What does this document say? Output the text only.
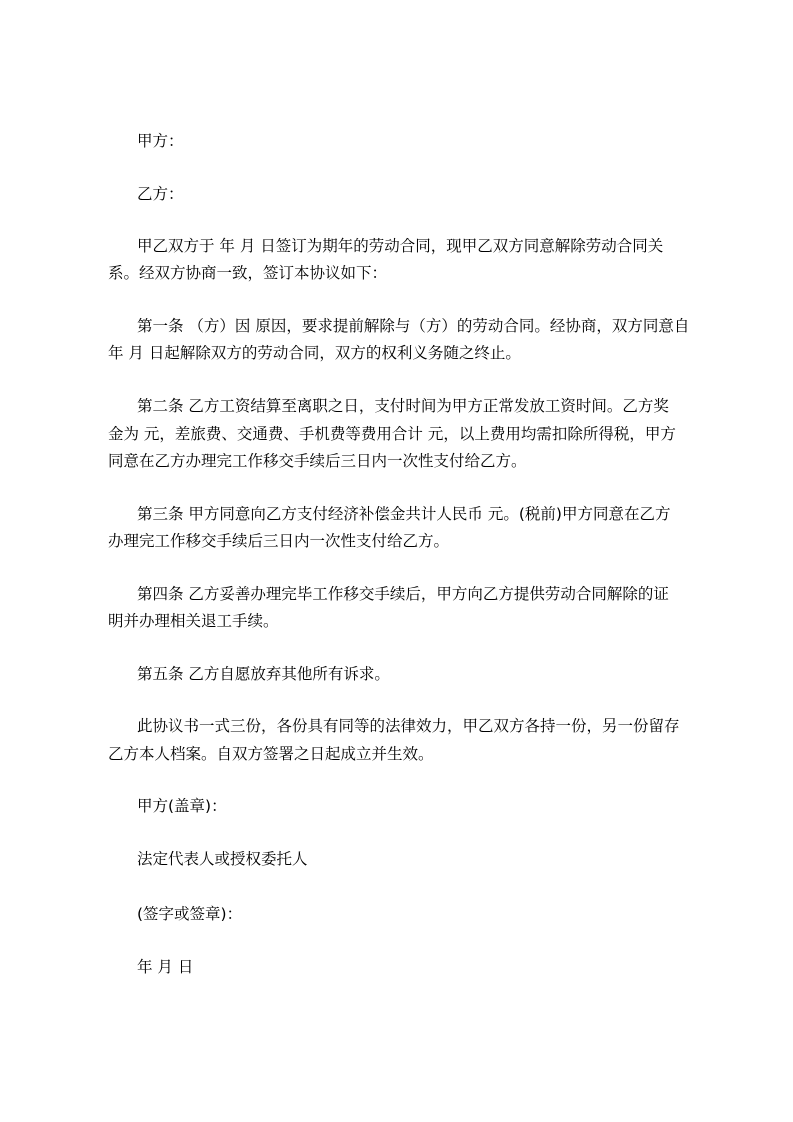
甲方：

乙方：

甲乙双方于 年 月 日签订为期年的劳动合同，现甲乙双方同意解除劳动合同关

系。经双方协商一致，签订本协议如下：

第一条 （方）因 原因，要求提前解除与（方）的劳动合同。经协商，双方同意自

年 月 日起解除双方的劳动合同，双方的权利义务随之终止。

第二条 乙方工资结算至离职之日，支付时间为甲方正常发放工资时间。乙方奖

金为 元，差旅费、交通费、手机费等费用合计 元，以上费用均需扣除所得税，甲方

同意在乙方办理完工作移交手续后三日内一次性支付给乙方。

第三条 甲方同意向乙方支付经济补偿金共计人民币 元。(税前)甲方同意在乙方

办理完工作移交手续后三日内一次性支付给乙方。

第四条 乙方妥善办理完毕工作移交手续后，甲方向乙方提供劳动合同解除的证

明并办理相关退工手续。

第五条 乙方自愿放弃其他所有诉求。

此协议书一式三份，各份具有同等的法律效力，甲乙双方各持一份，另一份留存

乙方本人档案。自双方签署之日起成立并生效。

甲方(盖章)：

法定代表人或授权委托人

(签字或签章)：

年 月 日
